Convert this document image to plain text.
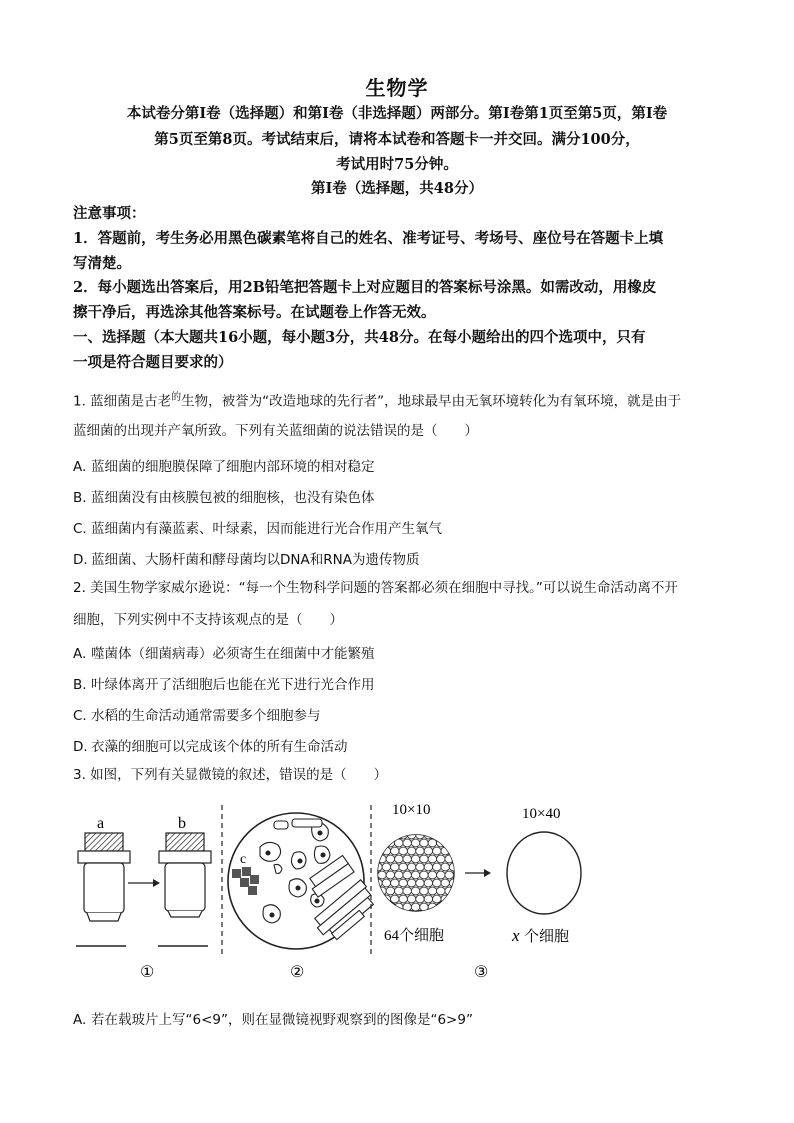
生物学
本试卷分第Ⅰ卷（选择题）和第Ⅰ卷（非选择题）两部分。第Ⅰ卷第1页至第5页，第Ⅰ卷
第5页至第8页。考试结束后，请将本试卷和答题卡一并交回。满分100分，
考试用时75分钟。
第Ⅰ卷（选择题，共48分）
注意事项：
1．答题前，考生务必用黑色碳素笔将自己的姓名、准考证号、考场号、座位号在答题卡上填
写清楚。
2．每小题选出答案后，用2B铅笔把答题卡上对应题目的答案标号涂黑。如需改动，用橡皮
擦干净后，再选涂其他答案标号。在试题卷上作答无效。
一、选择题（本大题共16小题，每小题3分，共48分。在每小题给出的四个选项中，只有
一项是符合题目要求的）
1. 蓝细菌是古老$^的$生物，被誉为“改造地球的先行者”，地球最早由无氧环境转化为有氧环境，就是由于
蓝细菌的出现并产氧所致。下列有关蓝细菌的说法错误的是（　　）
A. 蓝细菌的细胞膜保障了细胞内部环境的相对稳定
B. 蓝细菌没有由核膜包被的细胞核，也没有染色体
C. 蓝细菌内有藻蓝素、叶绿素，因而能进行光合作用产生氧气
D. 蓝细菌、大肠杆菌和酵母菌均以DNA和RNA为遗传物质
2. 美国生物学家威尔逊说：“每一个生物科学问题的答案都必须在细胞中寻找。”可以说生命活动离不开
细胞，下列实例中不支持该观点的是（　　）
A. 噬菌体（细菌病毒）必须寄生在细菌中才能繁殖
B. 叶绿体离开了活细胞后也能在光下进行光合作用
C. 水稻的生命活动通常需要多个细胞参与
D. 衣藻的细胞可以完成该个体的所有生命活动
3. 如图，下列有关显微镜的叙述，错误的是（　　）
a	b
c
10×10	10×40
64个细胞	x 个细胞
①	②	③
A. 若在载玻片上写“6<9”，则在显微镜视野观察到的图像是“6>9”
